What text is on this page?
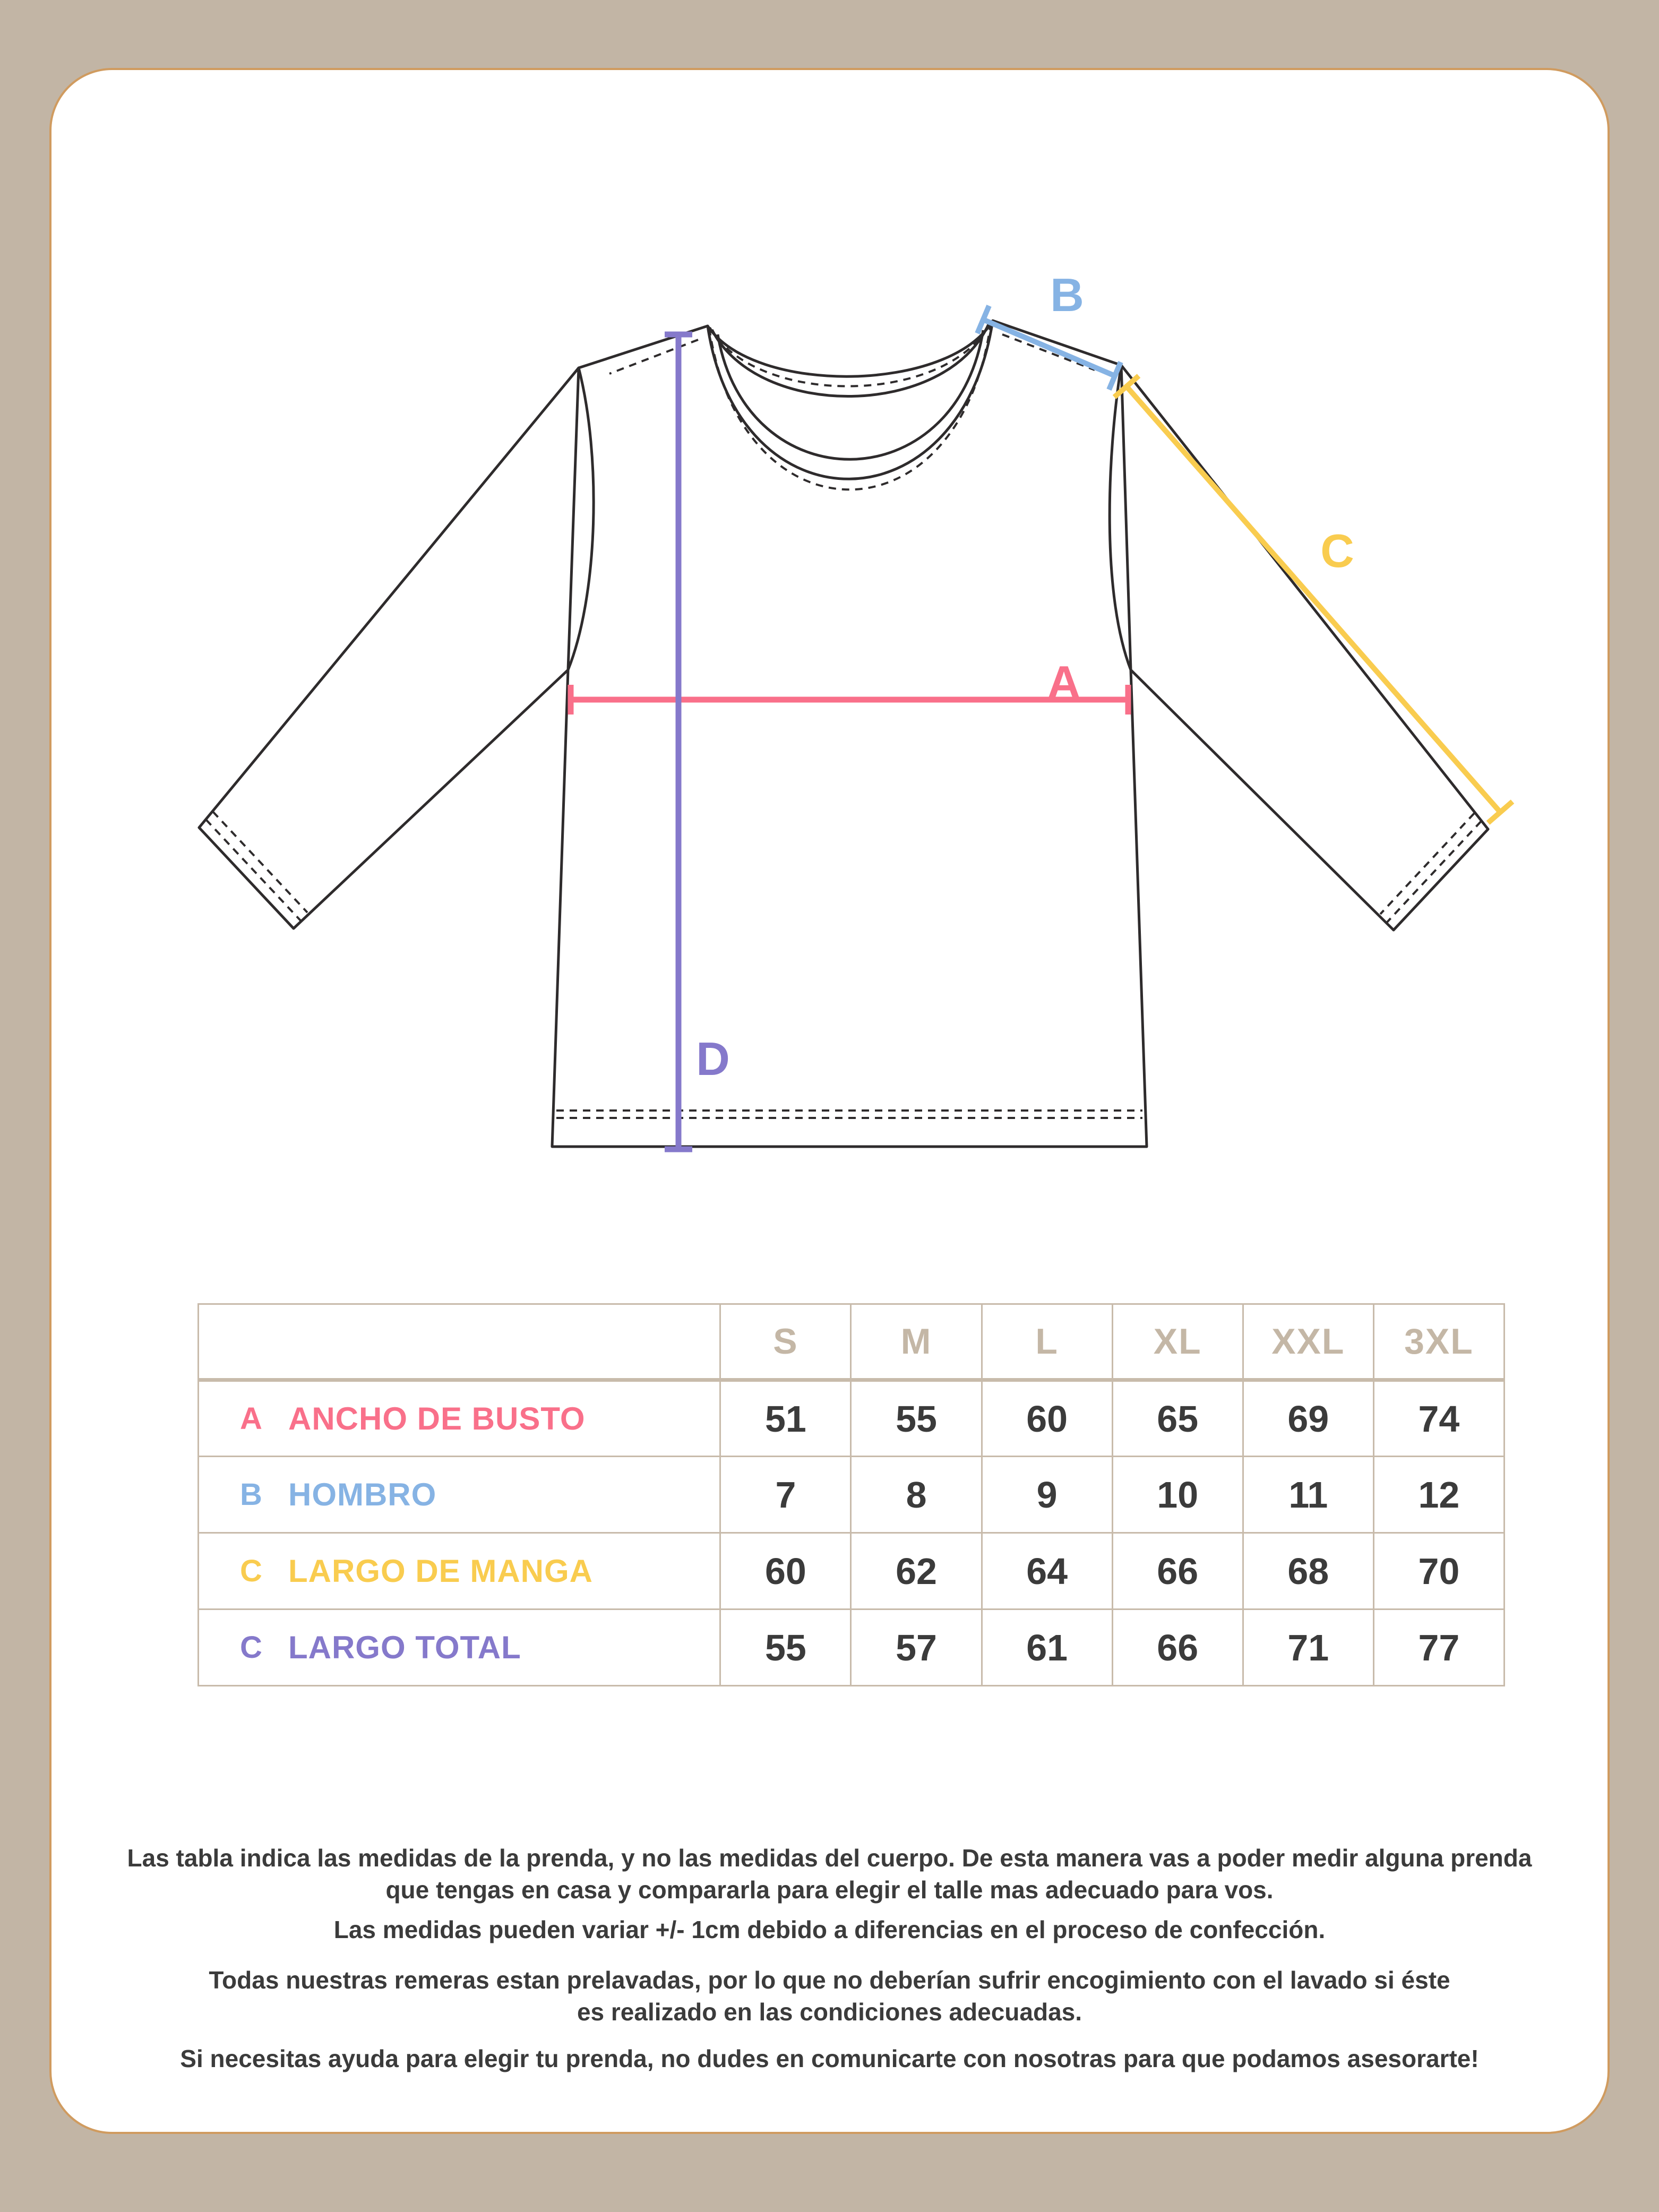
A
B
C
D
	S	M	L	XL	XXL	3XL

A ANCHO DE BUSTO	51	55	60	65	69	74

B HOMBRO	7	8	9	10	11	12

C LARGO DE MANGA	60	62	64	66	68	70

C LARGO TOTAL	55	57	61	66	71	77
Las tabla indica las medidas de la prenda, y no las medidas del cuerpo. De esta manera vas a poder medir alguna prenda
que tengas en casa y compararla para elegir el talle mas adecuado para vos.
Las medidas pueden variar +/- 1cm debido a diferencias en el proceso de confección.
Todas nuestras remeras estan prelavadas, por lo que no deberían sufrir encogimiento con el lavado si éste
es realizado en las condiciones adecuadas.
Si necesitas ayuda para elegir tu prenda, no dudes en comunicarte con nosotras para que podamos asesorarte!
